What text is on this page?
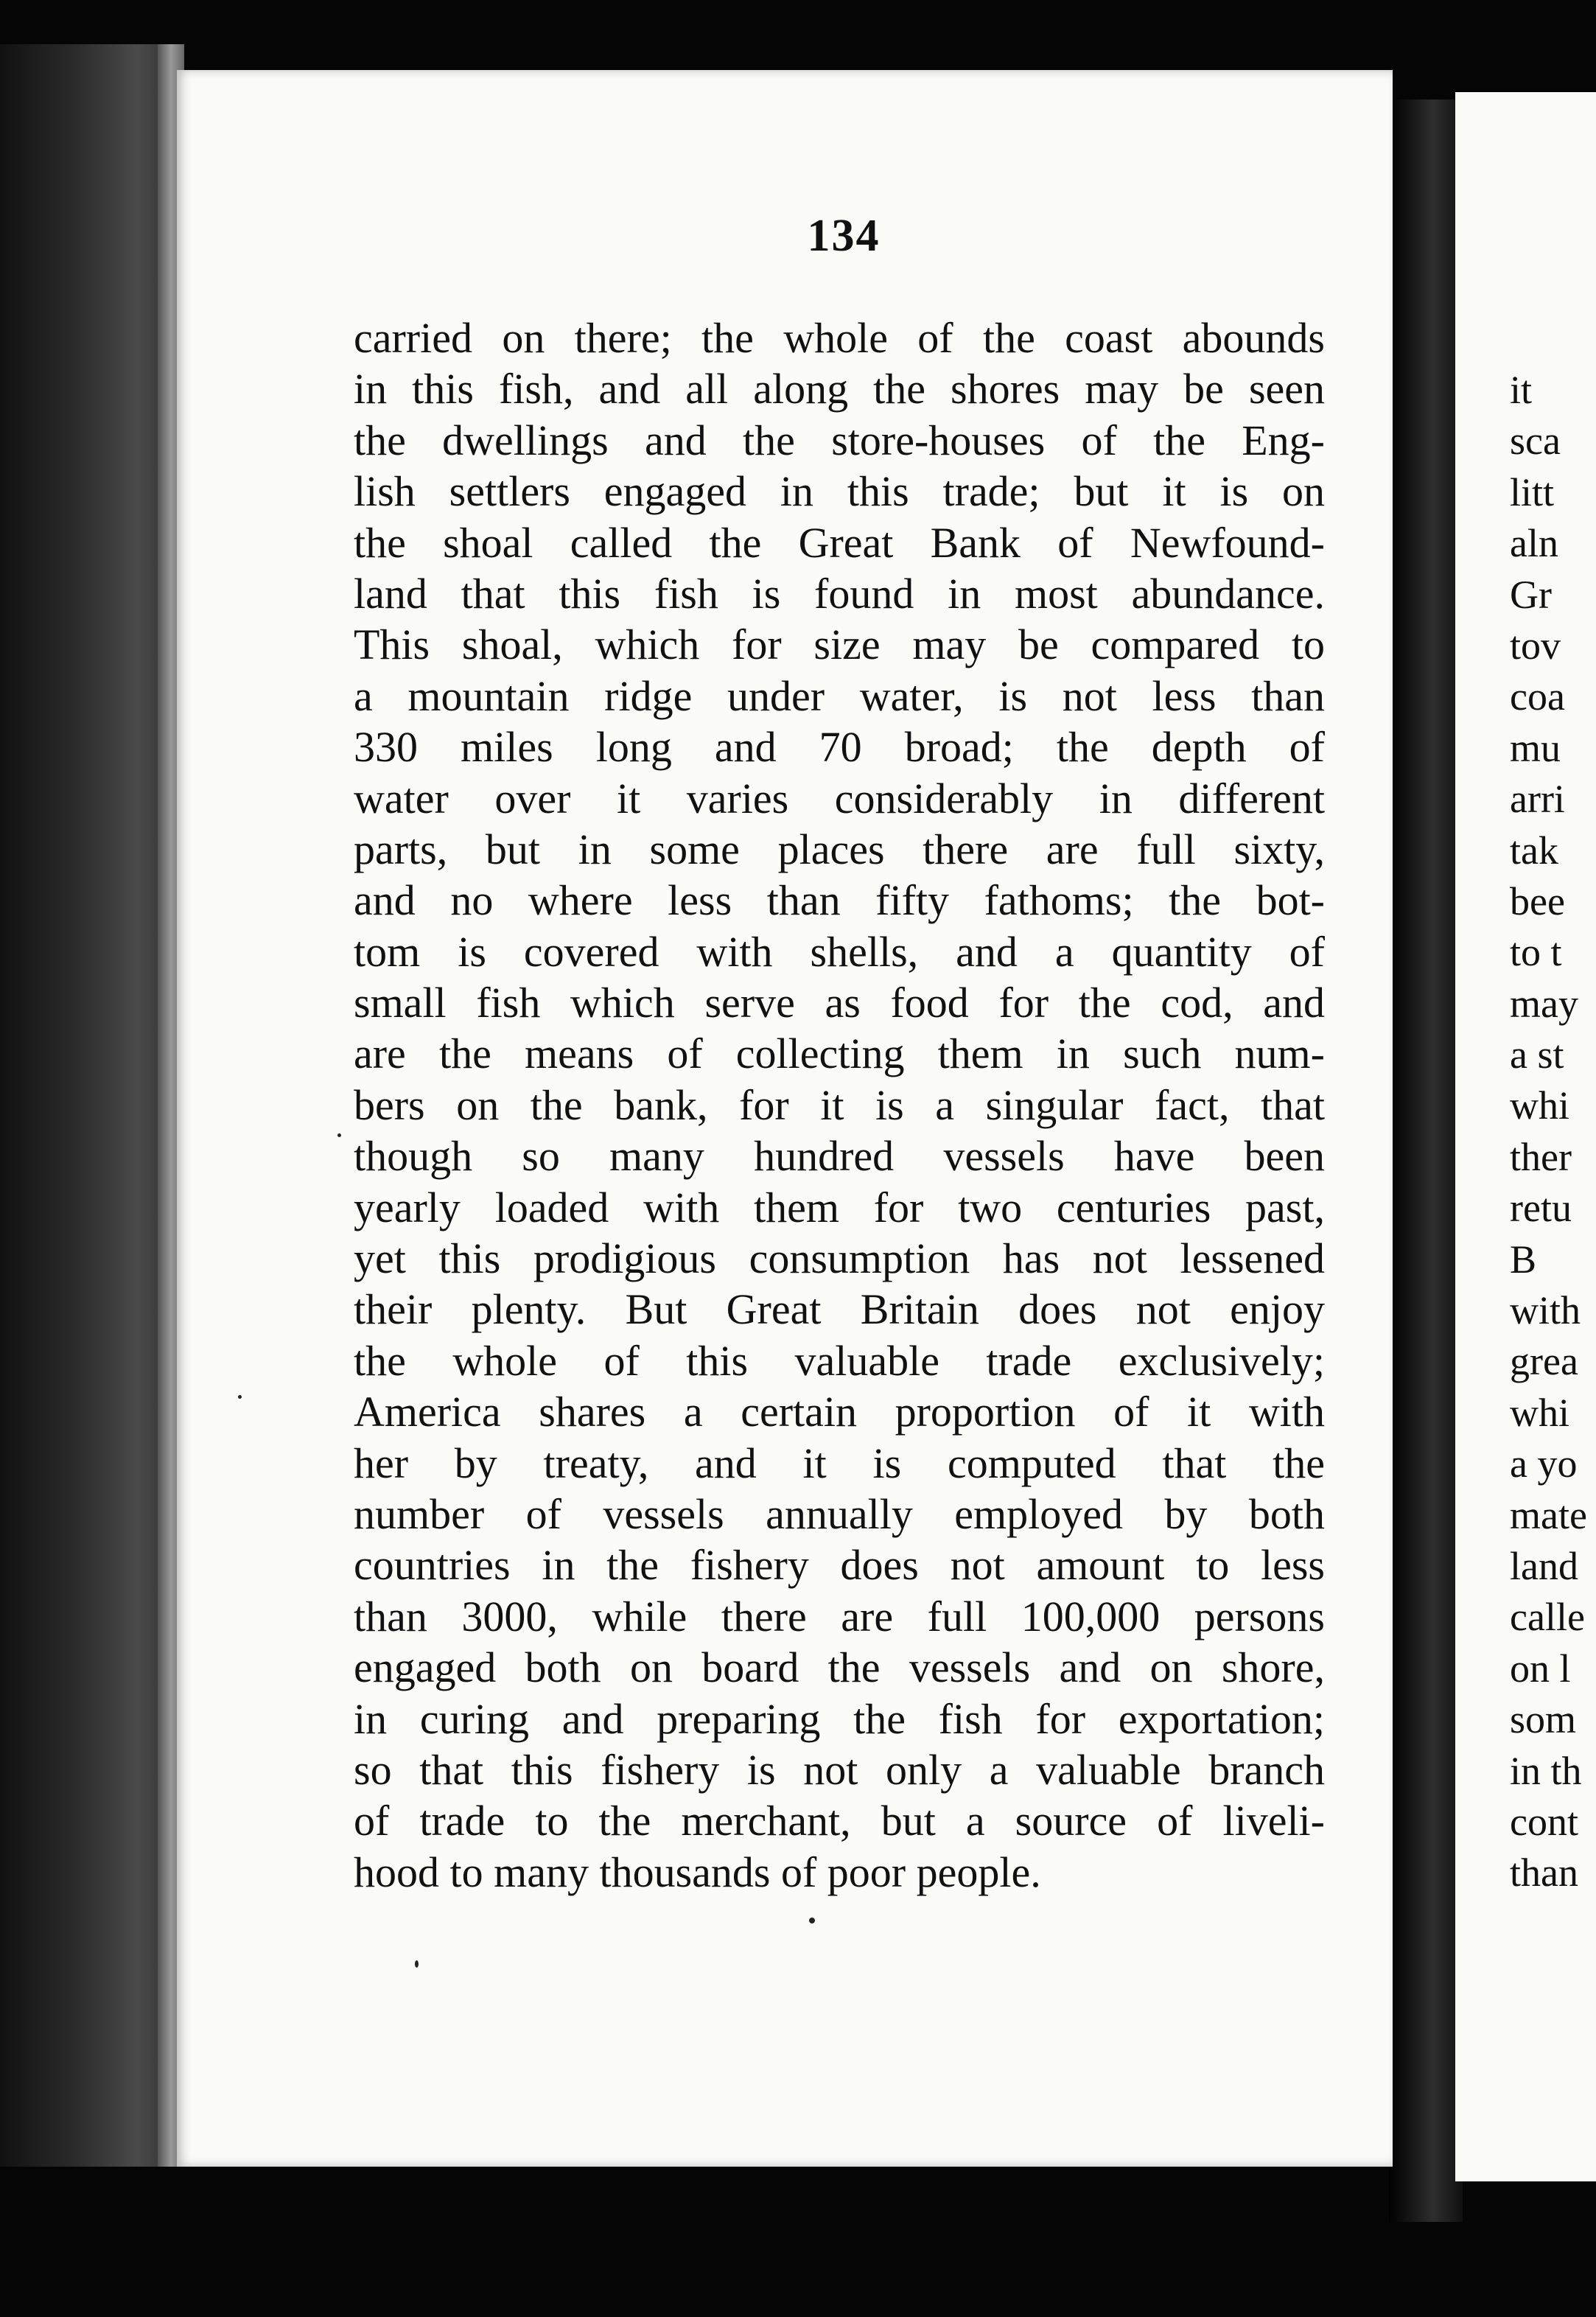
134
carried on there; the whole of the coast abounds
in this fish, and all along the shores may be seen
the dwellings and the store-houses of the Eng-
lish settlers engaged in this trade; but it is on
the shoal called the Great Bank of Newfound-
land that this fish is found in most abundance.
This shoal, which for size may be compared to
a mountain ridge under water, is not less than
330 miles long and 70 broad; the depth of
water over it varies considerably in different
parts, but in some places there are full sixty,
and no where less than fifty fathoms; the bot-
tom is covered with shells, and a quantity of
small fish which serve as food for the cod, and
are the means of collecting them in such num-
bers on the bank, for it is a singular fact, that
though so many hundred vessels have been
yearly loaded with them for two centuries past,
yet this prodigious consumption has not lessened
their plenty. But Great Britain does not enjoy
the whole of this valuable trade exclusively;
America shares a certain proportion of it with
her by treaty, and it is computed that the
number of vessels annually employed by both
countries in the fishery does not amount to less
than 3000, while there are full 100,000 persons
engaged both on board the vessels and on shore,
in curing and preparing the fish for exportation;
so that this fishery is not only a valuable branch
of trade to the merchant, but a source of liveli-
hood to many thousands of poor people.
it
sca
litt
aln
Gr
tov
coa
mu
arri
tak
bee
to t
may
a st
whi
ther
retu
B
with
grea
whi
a yo
mate
land
calle
on l
som
in th
cont
than
